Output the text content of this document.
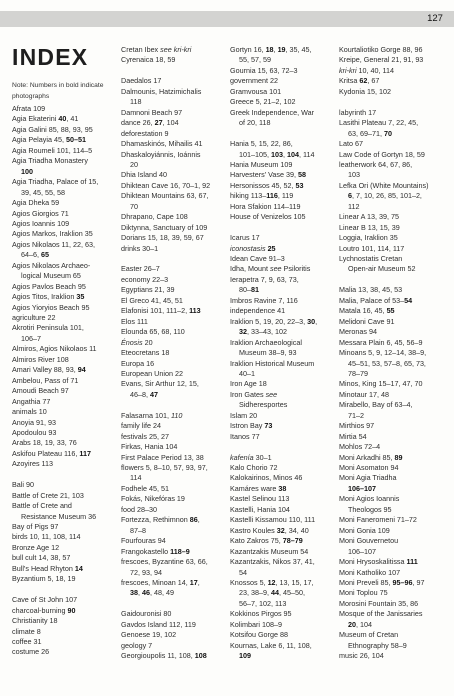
127
INDEX
Note: Numbers in bold indicate photographs
Afrata 109
Agia Ekaterini 40, 41
Agia Galini 85, 88, 93, 95
Agia Pelayia 45, 50–51
Agia Roumeli 101, 114–5
Agia Triadha Monastery
100
Agia Triadha, Palace of 15,
39, 45, 55, 58
Agia Dheka 59
Agios Giorgios 71
Agios Ioannis 109
Agios Markos, Iraklion 35
Agios Nikolaos 11, 22, 63,
64–6, 65
Agios Nikolaos Archaeo-
logical Museum 65
Agios Pavlos Beach 95
Agios Titos, Iraklion 35
Agios Yioryios Beach 95
agriculture 22
Akrotiri Peninsula 101,
106–7
Almiros, Agios Nikolaos 11
Almiros River 108
Amari Valley 88, 93, 94
Ambelou, Pass of 71
Amoudi Beach 97
Angathia 77
animals 10
Anoyia 91, 93
Apodoulou 93
Arabs 18, 19, 33, 76
Askifou Plateau 116, 117
Azoyires 113
Bali 90
Battle of Crete 21, 103
Battle of Crete and
Resistance Museum 36
Bay of Pigs 97
birds 10, 11, 108, 114
Bronze Age 12
bull cult 14, 38, 57
Bull's Head Rhyton 14
Byzantium 5, 18, 19
Cave of St John 107
charcoal-burning 90
Christianity 18
climate 8
coffee 31
costume 26
Cretan Ibex see kri-kri
Cyrenaica 18, 59
Daedalos 17
Dalmounis, Hatzimichalis
118
Damnoni Beach 97
dance 26, 27, 104
deforestation 9
Dhamaskinós, Mihailis 41
Dhaskaloyiánnis, Ioánnis
20
Dhia Island 40
Dhiktean Cave 16, 70–1, 92
Dhiktean Mountains 63, 67,
70
Dhrapano, Cape 108
Diktynna, Sanctuary of 109
Dorians 15, 18, 39, 59, 67
drinks 30–1
Easter 26–7
economy 22–3
Egyptians 21, 39
El Greco 41, 45, 51
Elafonisi 101, 111–2, 113
Elos 111
Elounda 65, 68, 110
Énosis 20
Eteocretans 18
Europa 16
European Union 22
Evans, Sir Arthur 12, 15,
46–8, 47
Falasarna 101, 110
family life 24
festivals 25, 27
Firkas, Hania 104
First Palace Period 13, 38
flowers 5, 8–10, 57, 93, 97,
114
Fodhele 45, 51
Fokás, Nikefóras 19
food 28–30
Fortezza, Rethimnon 86,
87–8
Fourfouras 94
Frangokastello 118–9
frescoes, Byzantine 63, 66,
72, 93, 94
frescoes, Minoan 14, 17,
38, 46, 48, 49
Gaidouronisi 80
Gavdos Island 112, 119
Genoese 19, 102
geology 7
Georgioupolis 11, 108, 108
Gortyn 16, 18, 19, 35, 45,
55, 57, 59
Gournia 15, 63, 72–3
government 22
Gramvousa 101
Greece 5, 21–2, 102
Greek Independence, War
of 20, 118
Hania 5, 15, 22, 86,
101–105, 103, 104, 114
Hania Museum 109
Harvesters' Vase 39, 58
Hersonissos 45, 52, 53
hiking 113–116, 119
Hora Sfakion 114–119
House of Venizelos 105
Icarus 17
iconostasis 25
Idean Cave 91–3
Idha, Mount see Psiloritis
Ierapetra 7, 9, 63, 73,
80–81
Imbros Ravine 7, 116
independence 41
Iraklion 5, 19, 20, 22–3, 30,
32, 33–43, 102
Iraklion Archaeological
Museum 38–9, 93
Iraklion Historical Museum
40–1
Iron Age 18
Iron Gates see
Sidheresportes
Islam 20
Istron Bay 73
Itanos 77
kafenía 30–1
Kalo Chorio 72
Kalokairinos, Minos 46
Kamáres ware 38
Kastel Selinou 113
Kastelli, Hania 104
Kastelli Kissamou 110, 111
Kastro Koules 32, 34, 40
Kato Zakros 75, 78–79
Kazantzakis Museum 54
Kazantzakis, Nikos 37, 41,
54
Knossos 5, 12, 13, 15, 17,
23, 38–9, 44, 45–50,
56–7, 102, 113
Kokkinos Pirgos 95
Kolimbari 108–9
Kotsifou Gorge 88
Kournas, Lake 6, 11, 108,
109
Kourtaliotiko Gorge 88, 96
Kreipe, General 21, 91, 93
kri-kri 10, 40, 114
Kritsa 62, 67
Kydonia 15, 102
labyrinth 17
Lasithi Plateau 7, 22, 45,
63, 69–71, 70
Lato 67
Law Code of Gortyn 18, 59
leatherwork 64, 67, 86,
103
Lefka Ori (White Mountains)
6, 7, 10, 26, 85, 101–2,
112
Linear A 13, 39, 75
Linear B 13, 15, 39
Loggia, Iraklion 35
Loutro 101, 114, 117
Lychnostatis Cretan
Open-air Museum 52
Malia 13, 38, 45, 53
Malia, Palace of 53–54
Matala 16, 45, 55
Melidoni Cave 91
Meronas 94
Messara Plain 6, 45, 56–9
Minoans 5, 9, 12–14, 38–9,
45–51, 53, 57–8, 65, 73,
78–79
Minos, King 15–17, 47, 70
Minotaur 17, 48
Mirabello, Bay of 63–4,
71–2
Mirthios 97
Mirtia 54
Mohlos 72–4
Moni Arkadhi 85, 89
Moni Asomaton 94
Moni Agia Triadha
106–107
Moni Agios Ioannis
Theologos 95
Moni Faneromeni 71–72
Moni Gonia 109
Moni Gouvernetou
106–107
Moni Hrysoskalitissa 111
Moni Katholiko 107
Moni Preveli 85, 95–96, 97
Moni Toplou 75
Morosini Fountain 35, 86
Mosque of the Janissaries
20, 104
Museum of Cretan
Ethnography 58–9
music 26, 104
